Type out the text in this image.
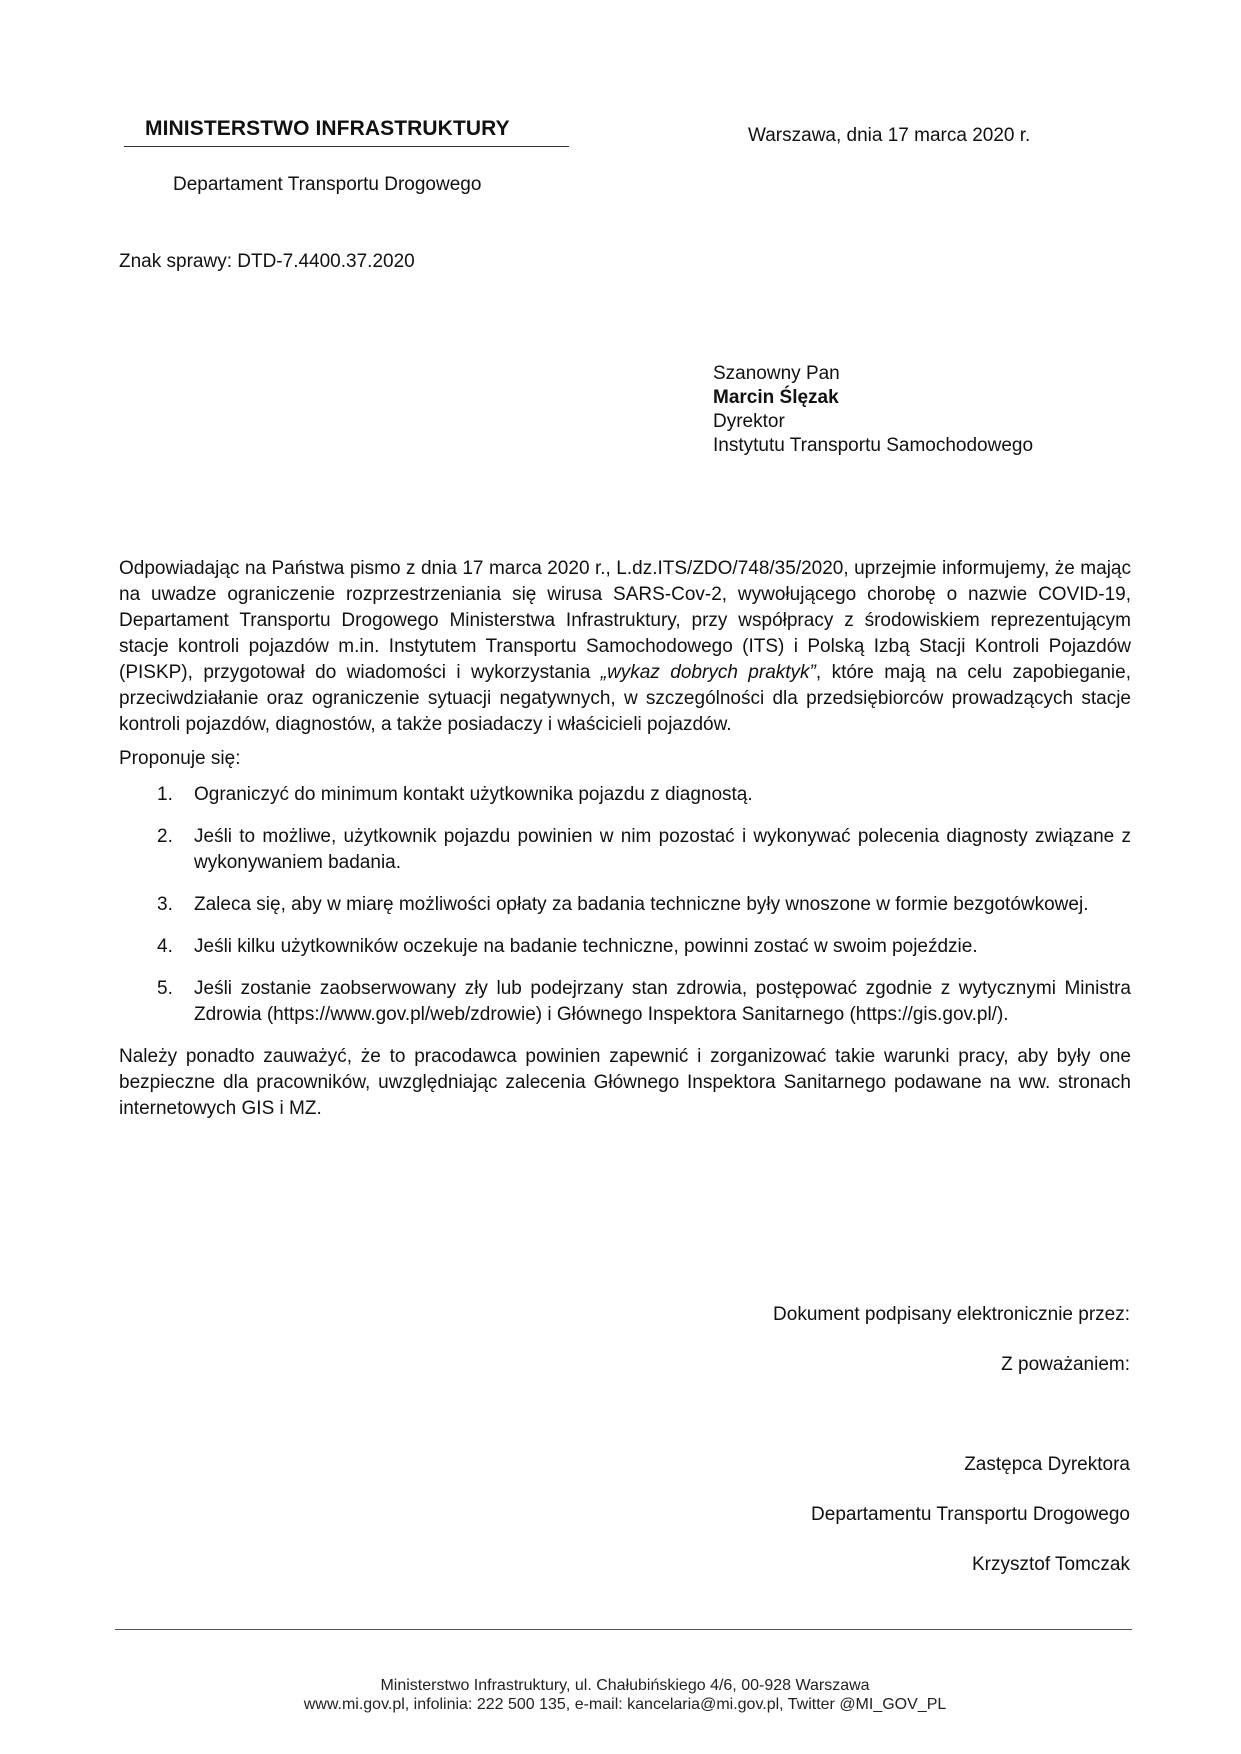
MINISTERSTWO INFRASTRUKTURY
Departament Transportu Drogowego
Warszawa, dnia 17 marca 2020 r.
Znak sprawy: DTD-7.4400.37.2020
Szanowny Pan
Marcin Ślęzak
Dyrektor
Instytutu Transportu Samochodowego

Odpowiadając na Państwa pismo z dnia 17 marca 2020 r., L.dz.ITS/ZDO/748/35/2020, uprzejmie informujemy, że mając na uwadze ograniczenie rozprzestrzeniania się wirusa SARS-Cov-2, wywołującego chorobę o nazwie COVID-19, Departament Transportu Drogowego Ministerstwa Infrastruktury, przy współpracy z środowiskiem reprezentującym stacje kontroli pojazdów m.in. Instytutem Transportu Samochodowego (ITS) i Polską Izbą Stacji Kontroli Pojazdów (PISKP), przygotował do wiadomości i wykorzystania „wykaz dobrych praktyk”, które mają na celu zapobieganie, przeciwdziałanie oraz ograniczenie sytuacji negatywnych, w szczególności dla przedsiębiorców prowadzących stacje kontroli pojazdów, diagnostów, a także posiadaczy i właścicieli pojazdów.

Proponuje się:

1. Ograniczyć do minimum kontakt użytkownika pojazdu z diagnostą.
2. Jeśli to możliwe, użytkownik pojazdu powinien w nim pozostać i wykonywać polecenia diagnosty związane z wykonywaniem badania.
3. Zaleca się, aby w miarę możliwości opłaty za badania techniczne były wnoszone w formie bezgotówkowej.
4. Jeśli kilku użytkowników oczekuje na badanie techniczne, powinni zostać w swoim pojeździe.
5. Jeśli zostanie zaobserwowany zły lub podejrzany stan zdrowia, postępować zgodnie z wytycznymi Ministra Zdrowia (https://www.gov.pl/web/zdrowie) i Głównego Inspektora Sanitarnego (https://gis.gov.pl/).

Należy ponadto zauważyć, że to pracodawca powinien zapewnić i zorganizować takie warunki pracy, aby były one bezpieczne dla pracowników, uwzględniając zalecenia Głównego Inspektora Sanitarnego podawane na ww. stronach internetowych GIS i MZ.

Dokument podpisany elektronicznie przez:
Z poważaniem:
Zastępca Dyrektora
Departamentu Transportu Drogowego
Krzysztof Tomczak
Ministerstwo Infrastruktury, ul. Chałubińskiego 4/6, 00-928 Warszawa
www.mi.gov.pl, infolinia: 222 500 135, e-mail: kancelaria@mi.gov.pl, Twitter @MI_GOV_PL
